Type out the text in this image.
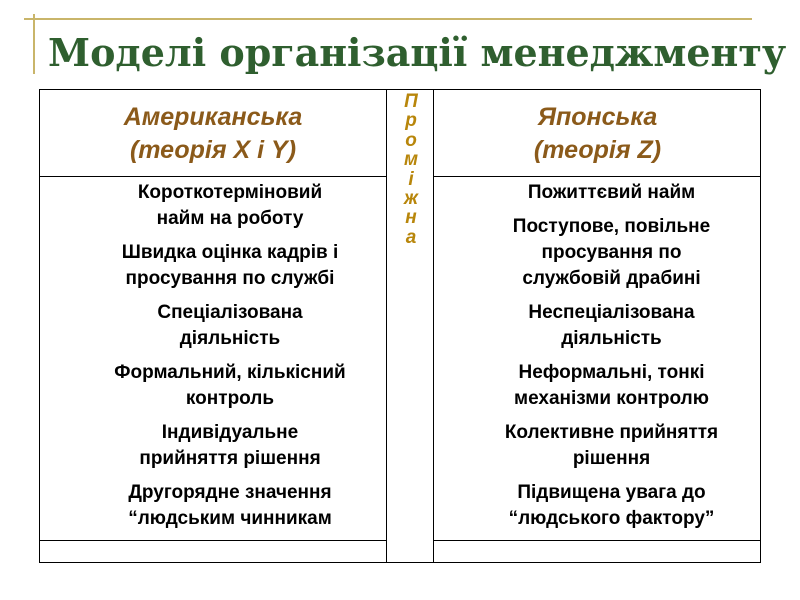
Моделі організації менеджменту
Американська
(теорія X і Y)
П
р
о
м
і
ж
н
а
Японська
(теорія Z)
Короткотерміновий
найм на роботу
Швидка оцінка кадрів і
просування по службі
Спеціалізована
діяльність
Формальний, кількісний
контроль
Індивідуальне
прийняття рішення
Другорядне значення
“людським чинникам
Пожиттєвий найм
Поступове, повільне
просування по
службовій драбині
Неспеціалізована
діяльність
Неформальні, тонкі
механізми контролю
Колективне прийняття
рішення
Підвищена увага до
“людського фактору”
